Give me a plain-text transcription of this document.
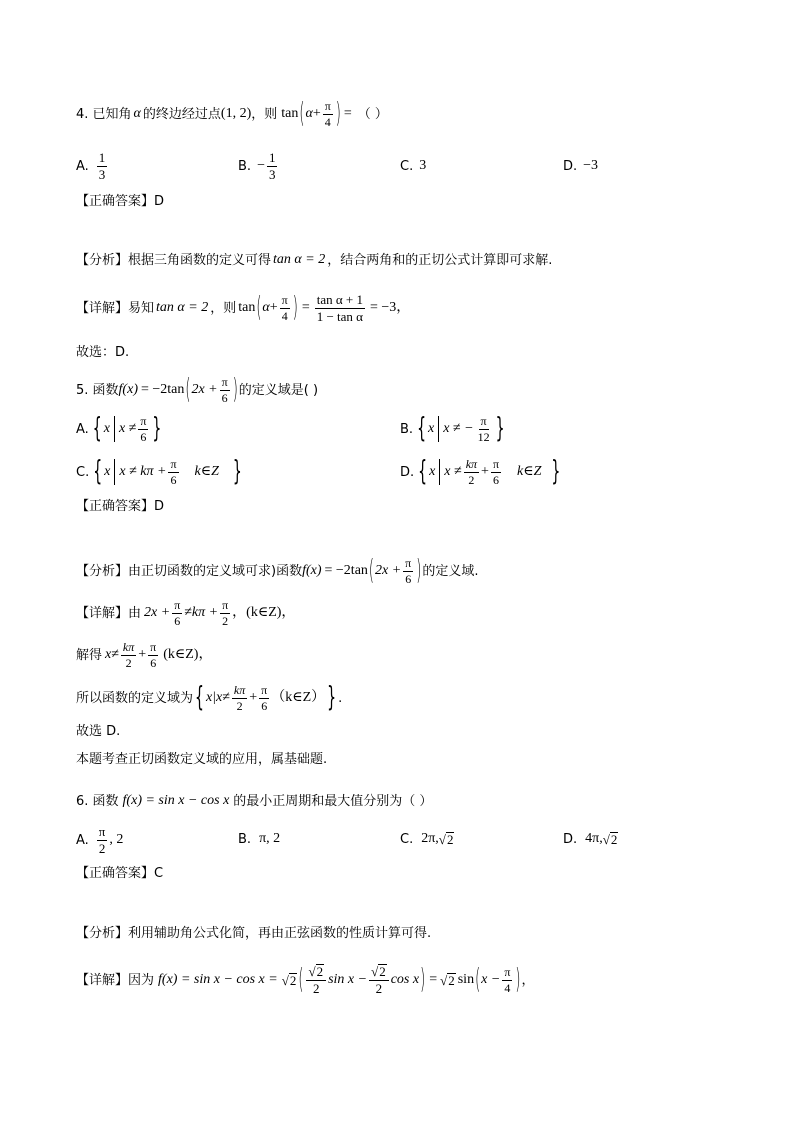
4. 已知角 α 的终边经过点 (1, 2) ，则 tan ( $\alpha + \frac{\pi}{4}$ ) = （ ）
A. $\frac{1}{3}$	B. − $\frac{1}{3}$	C. 3	D. −3
【正确答案】D
【分析】根据三角函数的定义可得 tan α = 2 ，结合两角和的正切公式计算即可求解.
【详解】易知 tan α = 2 ，则 tan ( $\alpha + \frac{\pi}{4}$ ) = $\frac{\text{tan α + 1}}{\text{1 − tan α}} = -3$，
故选：D.
5. 函数 f(x) = −2tan ( $2x + \frac{\pi}{6}$ ) 的定义域是( )
A. { x $x \ne \frac{\pi}{6}$ }	B. { x x ≠ − $\frac{\pi}{12}$ }
C. { x $x \ne k\pi + \frac{\pi}{6}$ k∈Z }	D. { x $x \ne \frac{k\pi}{2} + \frac{\pi}{6}$ k∈Z }
【正确答案】D
【分析】由正切函数的定义域可求)函数 f(x) = −2tan ( $2x + \frac{\pi}{6}$ ) 的定义域.
【详解】由 $2x + \frac{\pi}{6} \ne k\pi + \frac{\pi}{2}$ ，(k∈Z)，
解得 $x\ne \frac{k\pi}{2} + \frac{\pi}{6}$ (k∈Z)，
所以函数的定义域为 { $x|x\ne \frac{k\pi}{2} + \frac{\pi}{6}$ （k∈Z） } .
故选 D.
本题考查正切函数定义域的应用，属基础题.
6. 函数 f(x) = sin x − cos x 的最小正周期和最大值分别为（ ）
A. $\frac{\pi}{2}$ , 2	B. π, 2	C. 2π, √ 2	D. 4π, √ 2
【正确答案】C
【分析】利用辅助角公式化简，再由正弦函数的性质计算可得.
【详解】因为 f(x) = sin x − cos x = √ 2 ( $\frac{√ 2}{2}$ $\sin x - \frac{√ 2}{2}$ cos x ) = √ 2 sin ( $x - \frac{\pi}{4}$ ) ，
